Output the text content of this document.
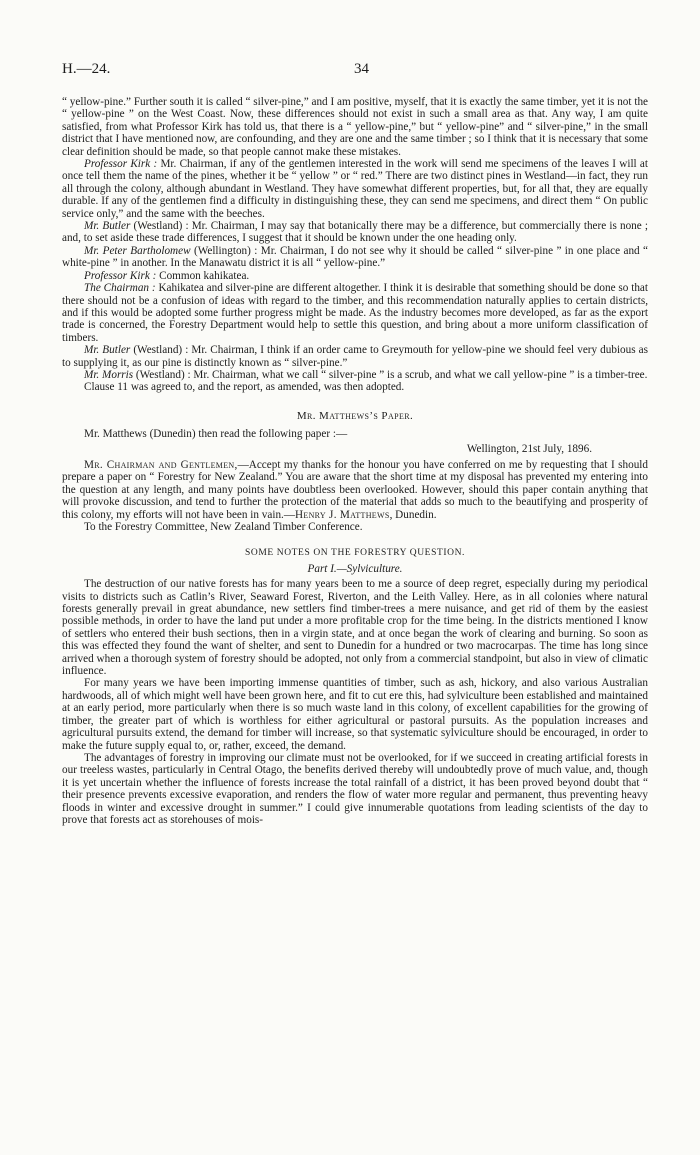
H.—24.	34

“ yellow-pine.” Further south it is called “ silver-pine,” and I am positive, myself, that it is exactly the same timber, yet it is not the “ yellow-pine ” on the West Coast. Now, these differences should not exist in such a small area as that. Any way, I am quite satisfied, from what Professor Kirk has told us, that there is a “ yellow-pine,” but “ yellow-pine” and “ silver-pine,” in the small district that I have mentioned now, are confounding, and they are one and the same timber ; so I think that it is necessary that some clear definition should be made, so that people cannot make these mistakes.

Professor Kirk : Mr. Chairman, if any of the gentlemen interested in the work will send me specimens of the leaves I will at once tell them the name of the pines, whether it be “ yellow ” or “ red.” There are two distinct pines in Westland—in fact, they run all through the colony, although abundant in Westland. They have somewhat different properties, but, for all that, they are equally durable. If any of the gentlemen find a difficulty in distinguishing these, they can send me specimens, and direct them “ On public service only,” and the same with the beeches.

Mr. Butler (Westland) : Mr. Chairman, I may say that botanically there may be a difference, but commercially there is none ; and, to set aside these trade differences, I suggest that it should be known under the one heading only.

Mr. Peter Bartholomew (Wellington) : Mr. Chairman, I do not see why it should be called “ silver-pine ” in one place and “ white-pine ” in another. In the Manawatu district it is all “ yellow-pine.”

Professor Kirk : Common kahikatea.

The Chairman : Kahikatea and silver-pine are different altogether. I think it is desirable that something should be done so that there should not be a confusion of ideas with regard to the timber, and this recommendation naturally applies to certain districts, and if this would be adopted some further progress might be made. As the industry becomes more developed, as far as the export trade is concerned, the Forestry Department would help to settle this question, and bring about a more uniform classification of timbers.

Mr. Butler (Westland) : Mr. Chairman, I think if an order came to Greymouth for yellow-pine we should feel very dubious as to supplying it, as our pine is distinctly known as “ silver-pine.”

Mr. Morris (Westland) : Mr. Chairman, what we call “ silver-pine ” is a scrub, and what we call yellow-pine ” is a timber-tree.

Clause 11 was agreed to, and the report, as amended, was then adopted.

Mr. Matthews’s Paper.

Mr. Matthews (Dunedin) then read the following paper :—

Wellington, 21st July, 1896.

Mr. Chairman and Gentlemen,—Accept my thanks for the honour you have conferred on me by requesting that I should prepare a paper on “ Forestry for New Zealand.” You are aware that the short time at my disposal has prevented my entering into the question at any length, and many points have doubtless been overlooked. However, should this paper contain anything that will provoke discussion, and tend to further the protection of the material that adds so much to the beautifying and prosperity of this colony, my efforts will not have been in vain.—Henry J. Matthews, Dunedin.

To the Forestry Committee, New Zealand Timber Conference.

SOME NOTES ON THE FORESTRY QUESTION.

Part I.—Sylviculture.

The destruction of our native forests has for many years been to me a source of deep regret, especially during my periodical visits to districts such as Catlin’s River, Seaward Forest, Riverton, and the Leith Valley. Here, as in all colonies where natural forests generally prevail in great abundance, new settlers find timber-trees a mere nuisance, and get rid of them by the easiest possible methods, in order to have the land put under a more profitable crop for the time being. In the districts mentioned I know of settlers who entered their bush sections, then in a virgin state, and at once began the work of clearing and burning. So soon as this was effected they found the want of shelter, and sent to Dunedin for a hundred or two macrocarpas. The time has long since arrived when a thorough system of forestry should be adopted, not only from a commercial standpoint, but also in view of climatic influence.

For many years we have been importing immense quantities of timber, such as ash, hickory, and also various Australian hardwoods, all of which might well have been grown here, and fit to cut ere this, had sylviculture been established and maintained at an early period, more particularly when there is so much waste land in this colony, of excellent capabilities for the growing of timber, the greater part of which is worthless for either agricultural or pastoral pursuits. As the population increases and agricultural pursuits extend, the demand for timber will increase, so that systematic sylviculture should be encouraged, in order to make the future supply equal to, or, rather, exceed, the demand.

The advantages of forestry in improving our climate must not be overlooked, for if we succeed in creating artificial forests in our treeless wastes, particularly in Central Otago, the benefits derived thereby will undoubtedly prove of much value, and, though it is yet uncertain whether the influence of forests increase the total rainfall of a district, it has been proved beyond doubt that “ their presence prevents excessive evaporation, and renders the flow of water more regular and permanent, thus preventing heavy floods in winter and excessive drought in summer.” I could give innumerable quotations from leading scientists of the day to prove that forests act as storehouses of mois-
